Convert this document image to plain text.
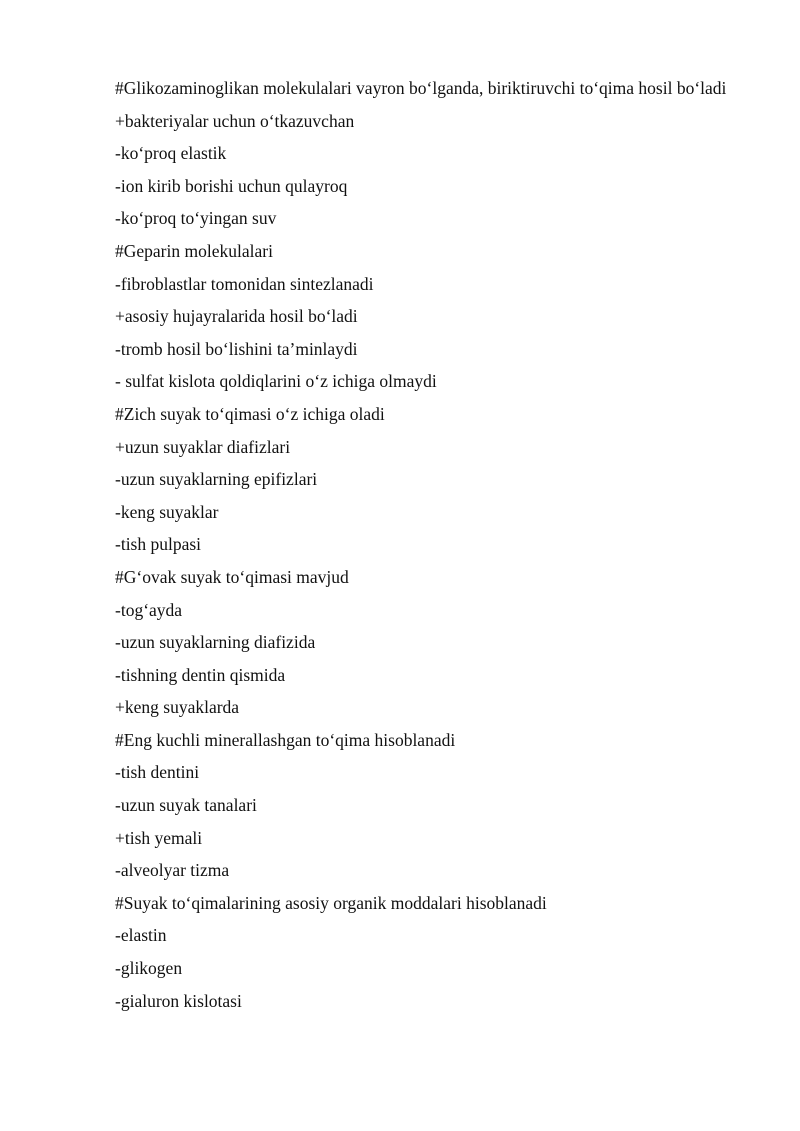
#Glikozaminoglikan molekulalari vayron bo‘lganda, biriktiruvchi to‘qima hosil bo‘ladi
+bakteriyalar uchun o‘tkazuvchan
-ko‘proq elastik
-ion kirib borishi uchun qulayroq
-ko‘proq to‘yingan suv
#Geparin molekulalari
-fibroblastlar tomonidan sintezlanadi
+asosiy hujayralarida hosil bo‘ladi
-tromb hosil bo‘lishini ta’minlaydi
- sulfat kislota qoldiqlarini o‘z ichiga olmaydi
#Zich suyak to‘qimasi o‘z ichiga oladi
+uzun suyaklar diafizlari
-uzun suyaklarning epifizlari
-keng suyaklar
-tish pulpasi
#G‘ovak suyak to‘qimasi mavjud
-tog‘ayda
-uzun suyaklarning diafizida
-tishning dentin qismida
+keng suyaklarda
#Eng kuchli minerallashgan to‘qima hisoblanadi
-tish dentini
-uzun suyak tanalari
+tish yemali
-alveolyar tizma
#Suyak to‘qimalarining asosiy organik moddalari hisoblanadi
-elastin
-glikogen
-gialuron kislotasi
